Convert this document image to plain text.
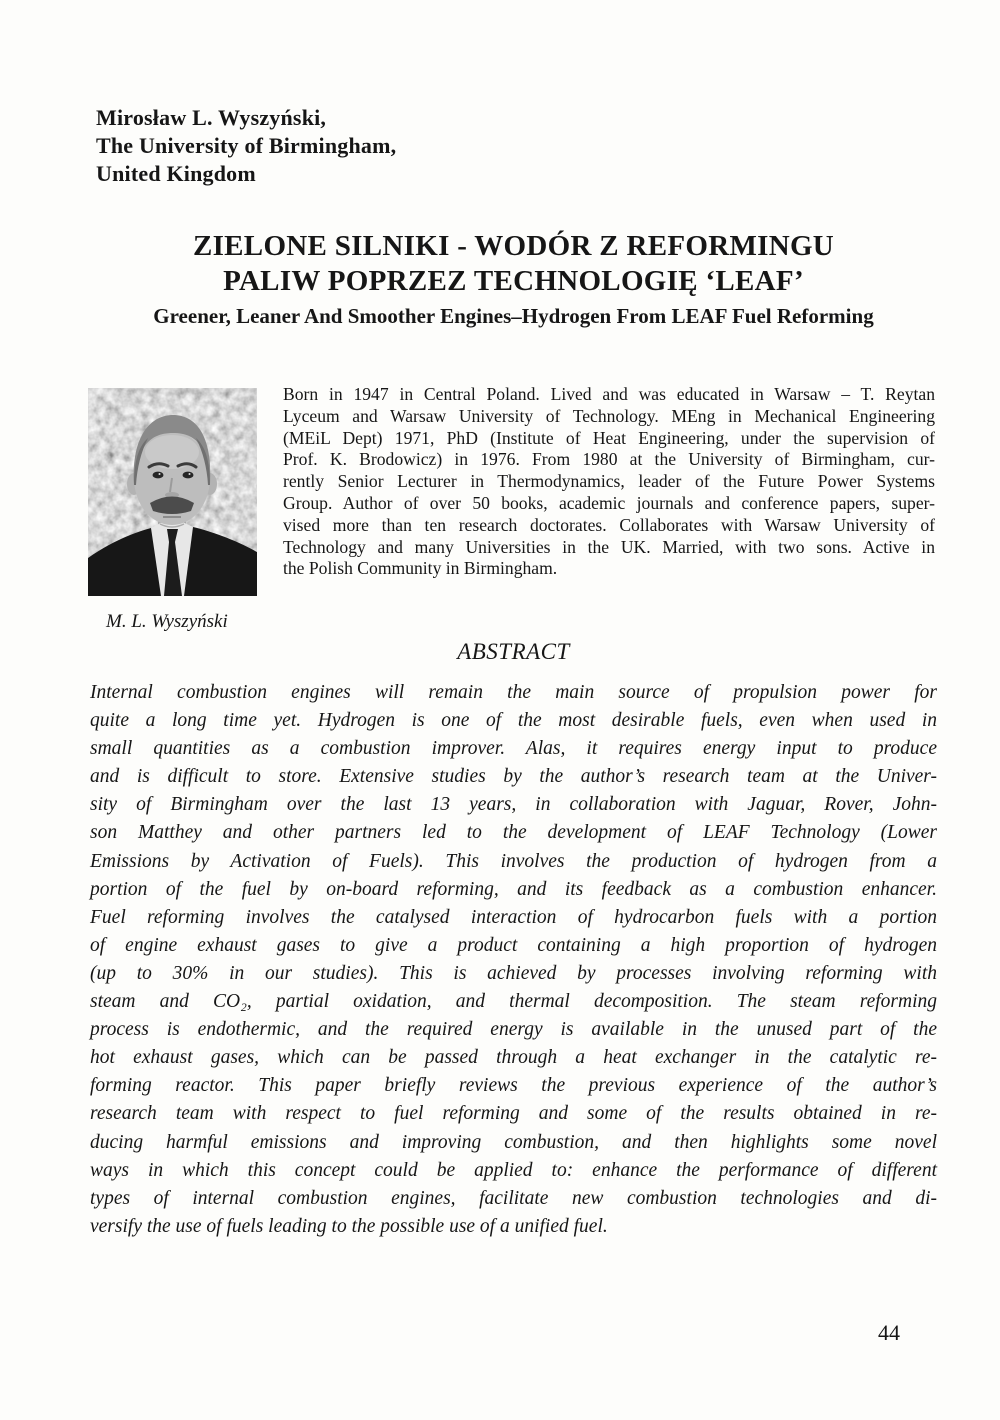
Mirosław L. Wyszyński,
The University of Birmingham,
United Kingdom
ZIELONE SILNIKI - WODÓR Z REFORMINGU
PALIW POPRZEZ TECHNOLOGIĘ ‘LEAF’
Greener, Leaner And Smoother Engines–Hydrogen From LEAF Fuel Reforming
Born in 1947 in Central Poland. Lived and was educated in Warsaw – T. Reytan
Lyceum and Warsaw University of Technology. MEng in Mechanical Engineering
(MEiL Dept) 1971, PhD (Institute of Heat Engineering, under the supervision of
Prof. K. Brodowicz) in 1976. From 1980 at the University of Birmingham, cur-
rently Senior Lecturer in Thermodynamics, leader of the Future Power Systems
Group. Author of over 50 books, academic journals and conference papers, super-
vised more than ten research doctorates. Collaborates with Warsaw University of
Technology and many Universities in the UK. Married, with two sons. Active in
the Polish Community in Birmingham.
M. L. Wyszyński
ABSTRACT
Internal combustion engines will remain the main source of propulsion power for
quite a long time yet. Hydrogen is one of the most desirable fuels, even when used in
small quantities as a combustion improver. Alas, it requires energy input to produce
and is difficult to store. Extensive studies by the author’s research team at the Univer-
sity of Birmingham over the last 13 years, in collaboration with Jaguar, Rover, John-
son Matthey and other partners led to the development of LEAF Technology (Lower
Emissions by Activation of Fuels). This involves the production of hydrogen from a
portion of the fuel by on-board reforming, and its feedback as a combustion enhancer.
Fuel reforming involves the catalysed interaction of hydrocarbon fuels with a portion
of engine exhaust gases to give a product containing a high proportion of hydrogen
(up to 30% in our studies). This is achieved by processes involving reforming with
steam and CO₂, partial oxidation, and thermal decomposition. The steam reforming
process is endothermic, and the required energy is available in the unused part of the
hot exhaust gases, which can be passed through a heat exchanger in the catalytic re-
forming reactor. This paper briefly reviews the previous experience of the author’s
research team with respect to fuel reforming and some of the results obtained in re-
ducing harmful emissions and improving combustion, and then highlights some novel
ways in which this concept could be applied to: enhance the performance of different
types of internal combustion engines, facilitate new combustion technologies and di-
versify the use of fuels leading to the possible use of a unified fuel.
44
